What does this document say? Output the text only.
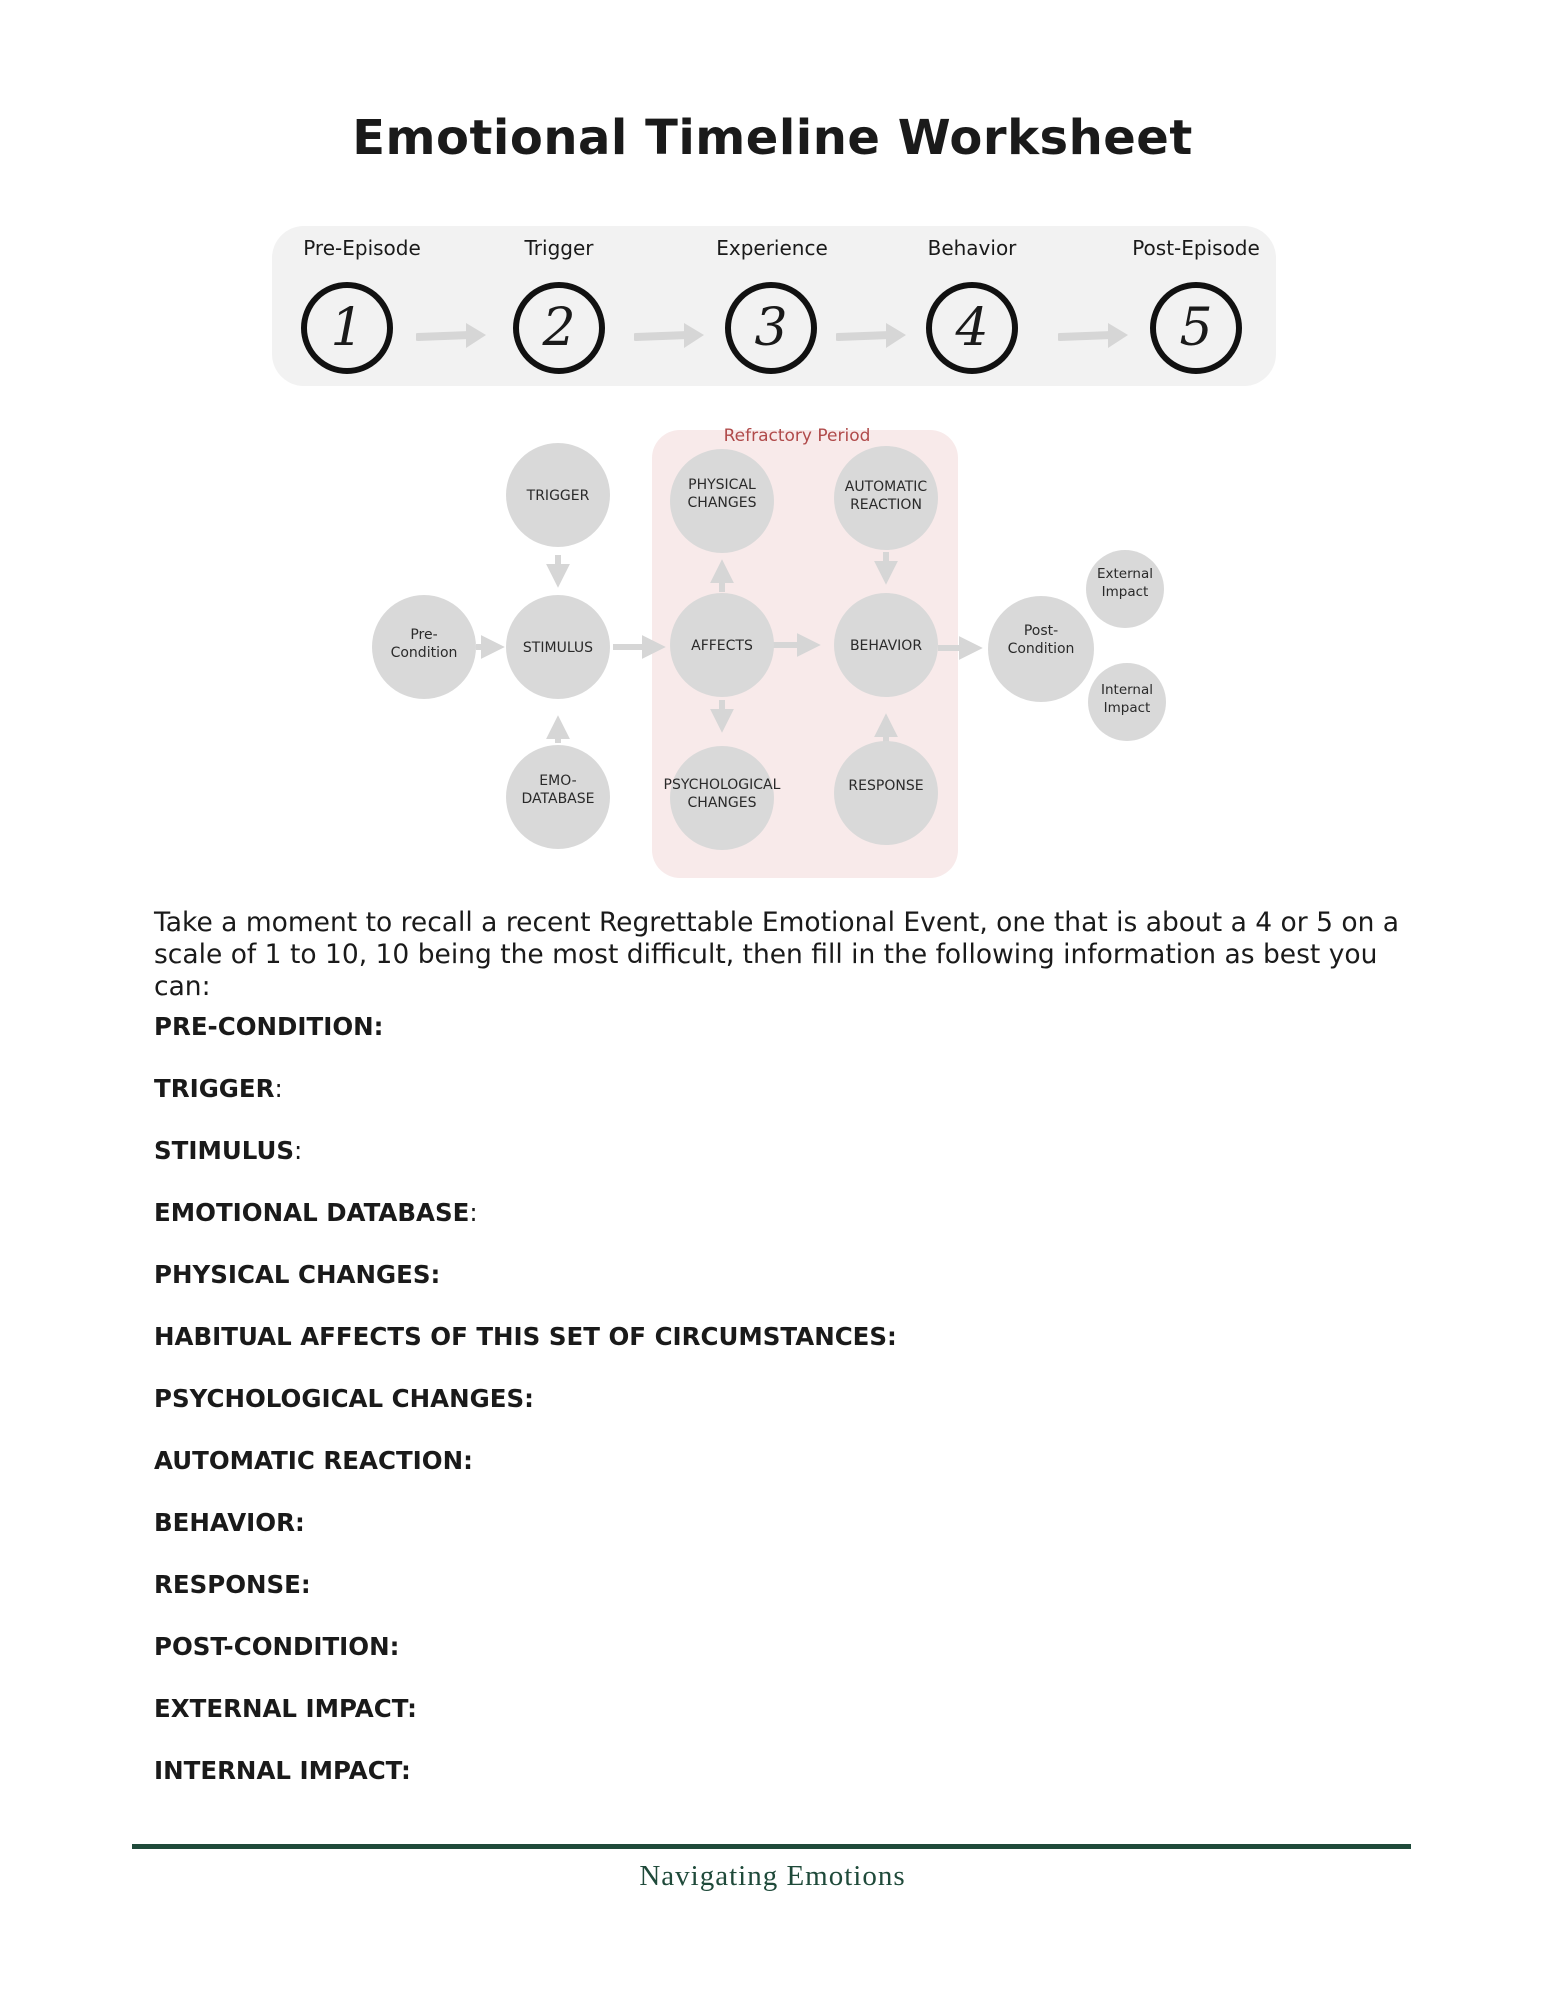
Emotional Timeline Worksheet
Pre-Episode	Trigger	Experience	Behavior	Post-Episode
1	2	3	4	5
Refractory Period
TRIGGER
Pre-
Condition	STIMULUS
EMO-
DATABASE
PHYSICAL
CHANGES
AFFECTS
PSYCHOLOGICAL
CHANGES
AUTOMATIC
REACTION
BEHAVIOR
RESPONSE
Post-
Condition
External
Impact
Internal
Impact
Take a moment to recall a recent Regrettable Emotional Event, one that is about a 4 or 5 on a scale of 1 to 10, 10 being the most difficult, then fill in the following information as best you can:
PRE-CONDITION:
TRIGGER:
STIMULUS:
EMOTIONAL DATABASE:
PHYSICAL CHANGES:
HABITUAL AFFECTS OF THIS SET OF CIRCUMSTANCES:
PSYCHOLOGICAL CHANGES:
AUTOMATIC REACTION:
BEHAVIOR:
RESPONSE:
POST-CONDITION:
EXTERNAL IMPACT:
INTERNAL IMPACT:
Navigating Emotions
